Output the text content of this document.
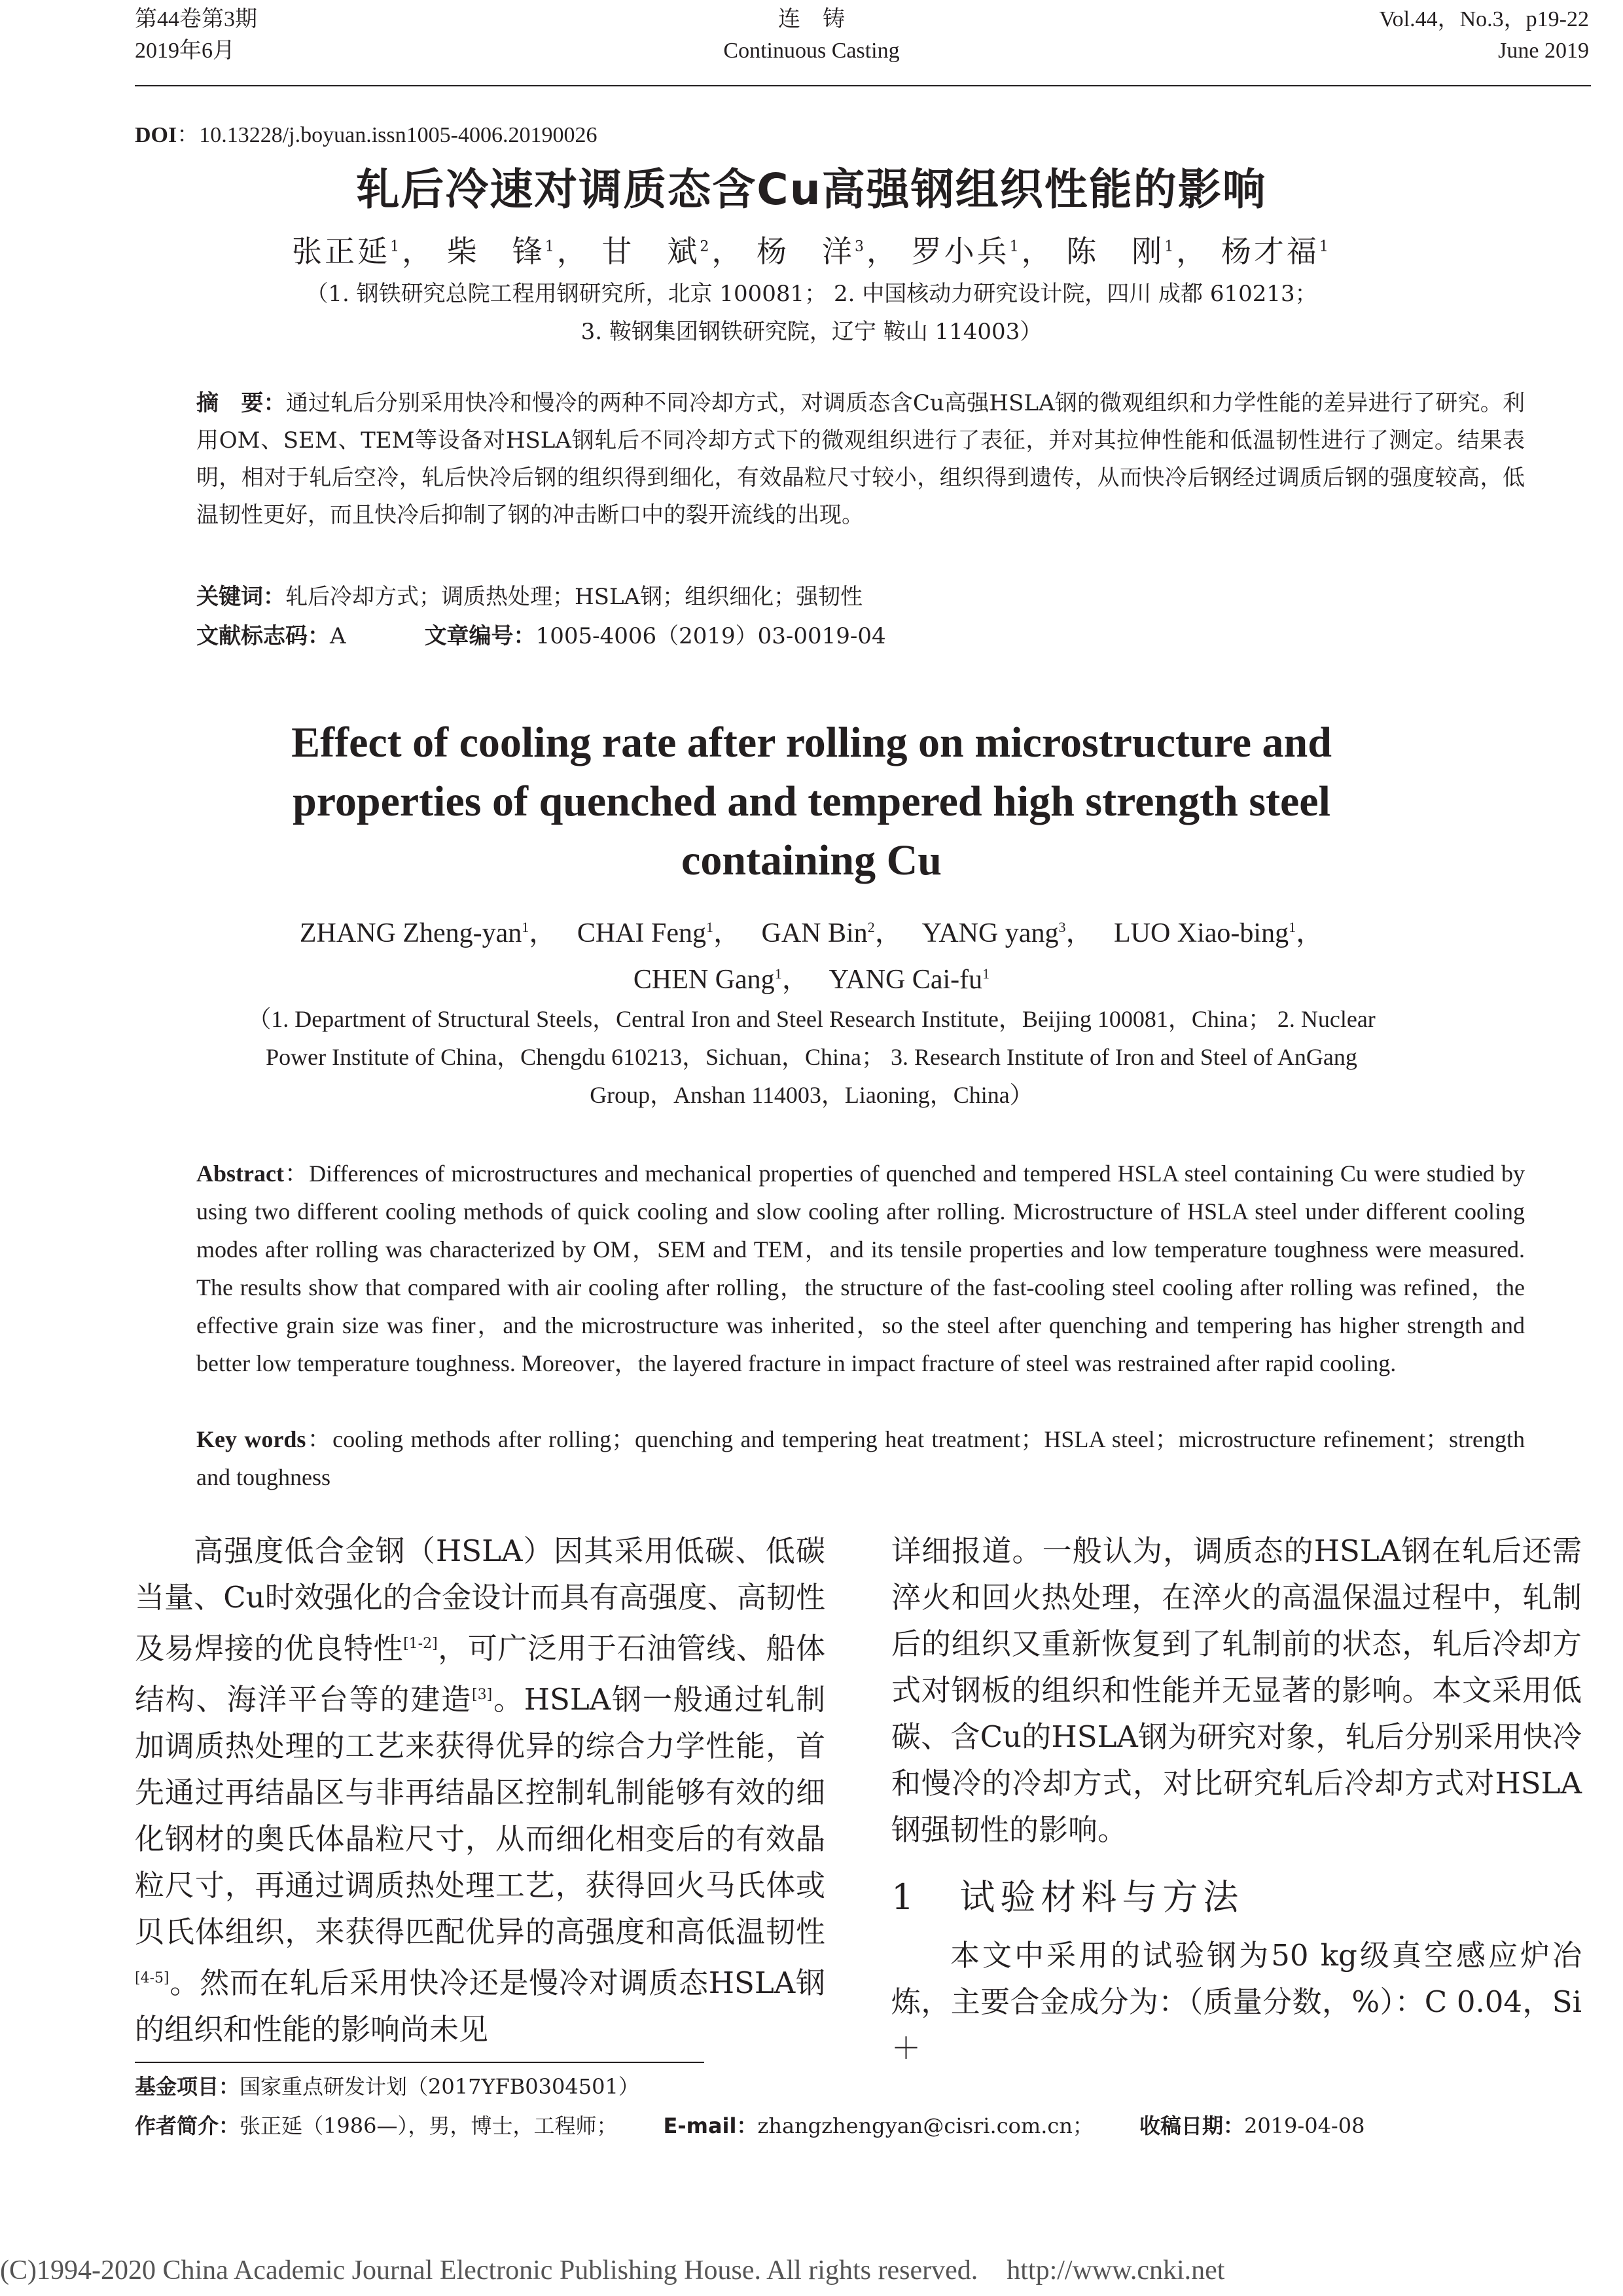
第44卷第3期
2019年6月
连　铸
Continuous Casting
Vol.44，No.3，p19-22
June 2019
DOI：10.13228/j.boyuan.issn1005-4006.20190026
轧后冷速对调质态含Cu高强钢组织性能的影响
张正延$^1$， 柴　锋$^1$， 甘　斌$^2$， 杨　洋$^3$， 罗小兵$^1$， 陈　刚$^1$， 杨才福$^1$
（1. 钢铁研究总院工程用钢研究所，北京 100081； 2. 中国核动力研究设计院，四川 成都 610213；
3. 鞍钢集团钢铁研究院，辽宁 鞍山 114003）
摘　要：通过轧后分别采用快冷和慢冷的两种不同冷却方式，对调质态含Cu高强HSLA钢的微观组织和力学性能的差异进行了研究。利用OM、SEM、TEM等设备对HSLA钢轧后不同冷却方式下的微观组织进行了表征，并对其拉伸性能和低温韧性进行了测定。结果表明，相对于轧后空冷，轧后快冷后钢的组织得到细化，有效晶粒尺寸较小，组织得到遗传，从而快冷后钢经过调质后钢的强度较高，低温韧性更好，而且快冷后抑制了钢的冲击断口中的裂开流线的出现。
关键词：轧后冷却方式；调质热处理；HSLA钢；组织细化；强韧性
文献标志码：A	文章编号：1005-4006（2019）03-0019-04
Effect of cooling rate after rolling on microstructure and
properties of quenched and tempered high strength steel
containing Cu
ZHANG Zheng-yan$^1$，   CHAI Feng$^1$，   GAN Bin$^2$，   YANG yang$^3$，   LUO Xiao-bing$^1$，
CHEN Gang$^1$，   YANG Cai-$fu^1$
（1. Department of Structural Steels，Central Iron and Steel Research Institute，Beijing 100081，China； 2. Nuclear Power Institute of China，Chengdu 610213，Sichuan，China； 3. Research Institute of Iron and Steel of AnGang Group，Anshan 114003，Liaoning，China）
Abstract：Differences of microstructures and mechanical properties of quenched and tempered HSLA steel containing Cu were studied by using two different cooling methods of quick cooling and slow cooling after rolling. Microstructure of HSLA steel under different cooling modes after rolling was characterized by OM，SEM and TEM，and its tensile properties and low temperature toughness were measured. The results show that compared with air cooling after rolling，the structure of the fast-cooling steel cooling after rolling was refined，the effective grain size was finer，and the microstructure was inherited，so the steel after quenching and tempering has higher strength and better low temperature toughness. Moreover，the layered fracture in impact fracture of steel was restrained after rapid cooling.
Key words：cooling methods after rolling；quenching and tempering heat treatment；HSLA steel；microstructure refinement；strength and toughness

高强度低合金钢（HSLA）因其采用低碳、低碳当量、Cu时效强化的合金设计而具有高强度、高韧性及易焊接的优良特性[1-2]，可广泛用于石油管线、船体结构、海洋平台等的建造[3]。HSLA钢一般通过轧制加调质热处理的工艺来获得优异的综合力学性能，首先通过再结晶区与非再结晶区控制轧制能够有效的细化钢材的奥氏体晶粒尺寸，从而细化相变后的有效晶粒尺寸，再通过调质热处理工艺，获得回火马氏体或贝氏体组织，来获得匹配优异的高强度和高低温韧性[4-5]。然而在轧后采用快冷还是慢冷对调质态HSLA钢的组织和性能的影响尚未见

详细报道。一般认为，调质态的HSLA钢在轧后还需淬火和回火热处理，在淬火的高温保温过程中，轧制后的组织又重新恢复到了轧制前的状态，轧后冷却方式对钢板的组织和性能并无显著的影响。本文采用低碳、含Cu的HSLA钢为研究对象，轧后分别采用快冷和慢冷的冷却方式，对比研究轧后冷却方式对HSLA钢强韧性的影响。

1　试验材料与方法

本文中采用的试验钢为50 kg级真空感应炉冶炼，主要合金成分为：（质量分数，%）：C 0.04，Si＋

基金项目：国家重点研发计划（2017YFB0304501）
作者简介：张正延（1986—），男，博士，工程师； E-mail：zhangzhengyan@cisri.com.cn； 收稿日期：2019-04-08
(C)1994-2020 China Academic Journal Electronic Publishing House. All rights reserved. http://www.cnki.net
